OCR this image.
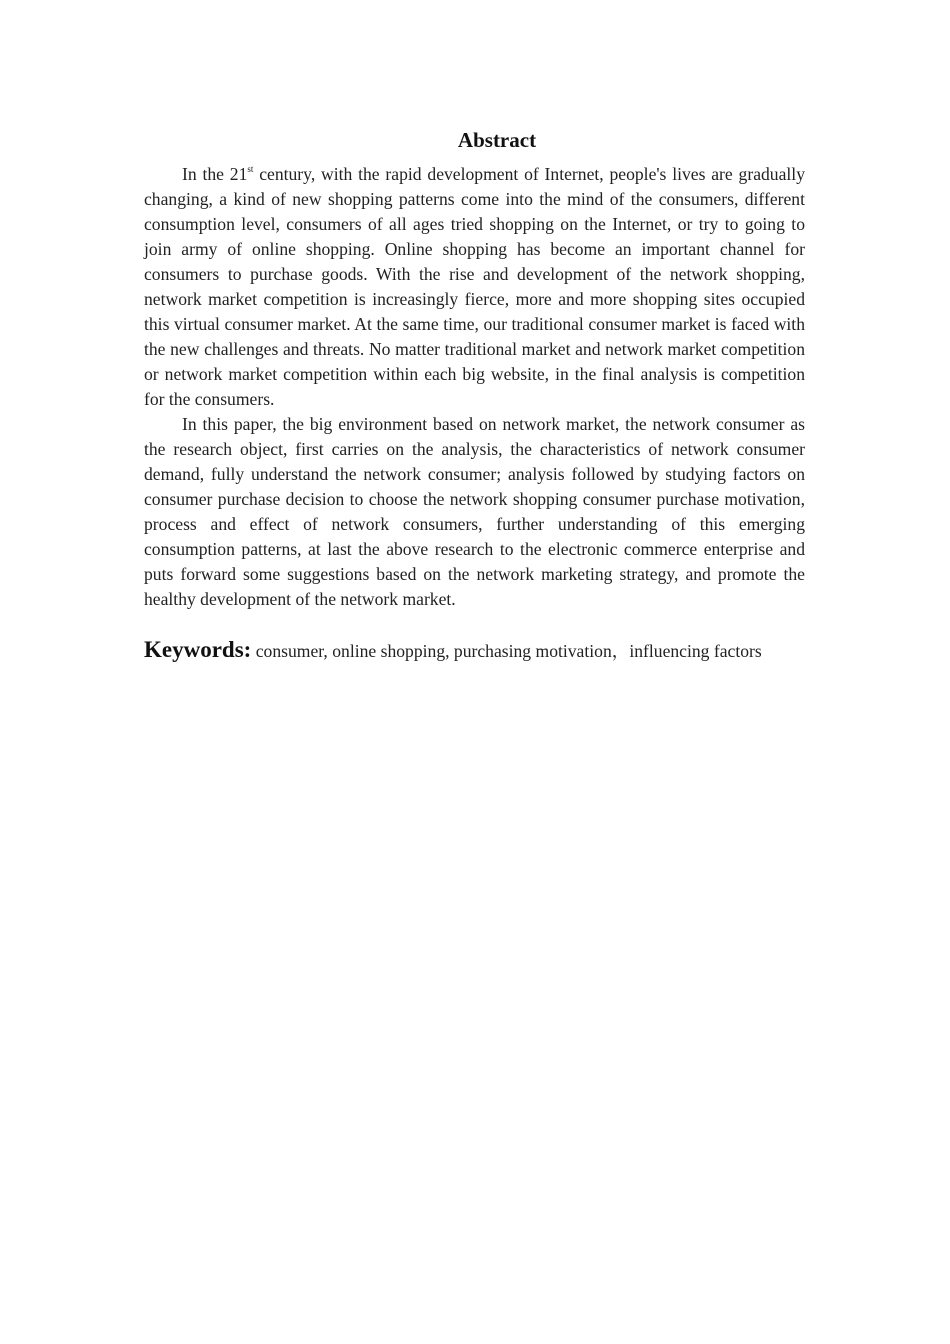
Abstract

In the 21st century, with the rapid development of Internet, people's lives are gradually changing, a kind of new shopping patterns come into the mind of the consumers, different consumption level, consumers of all ages tried shopping on the Internet, or try to going to join army of online shopping. Online shopping has become an important channel for consumers to purchase goods. With the rise and development of the network shopping, network market competition is increasingly fierce, more and more shopping sites occupied this virtual consumer market. At the same time, our traditional consumer market is faced with the new challenges and threats. No matter traditional market and network market competition or network market competition within each big website, in the final analysis is competition for the consumers.

In this paper, the big environment based on network market, the network consumer as the research object, first carries on the analysis, the characteristics of network consumer demand, fully understand the network consumer; analysis followed by studying factors on consumer purchase decision to choose the network shopping consumer purchase motivation, process and effect of network consumers, further understanding of this emerging consumption patterns, at last the above research to the electronic commerce enterprise and puts forward some suggestions based on the network marketing strategy, and promote the healthy development of the network market.

Keywords: consumer, online shopping, purchasing motivation，influencing factors
